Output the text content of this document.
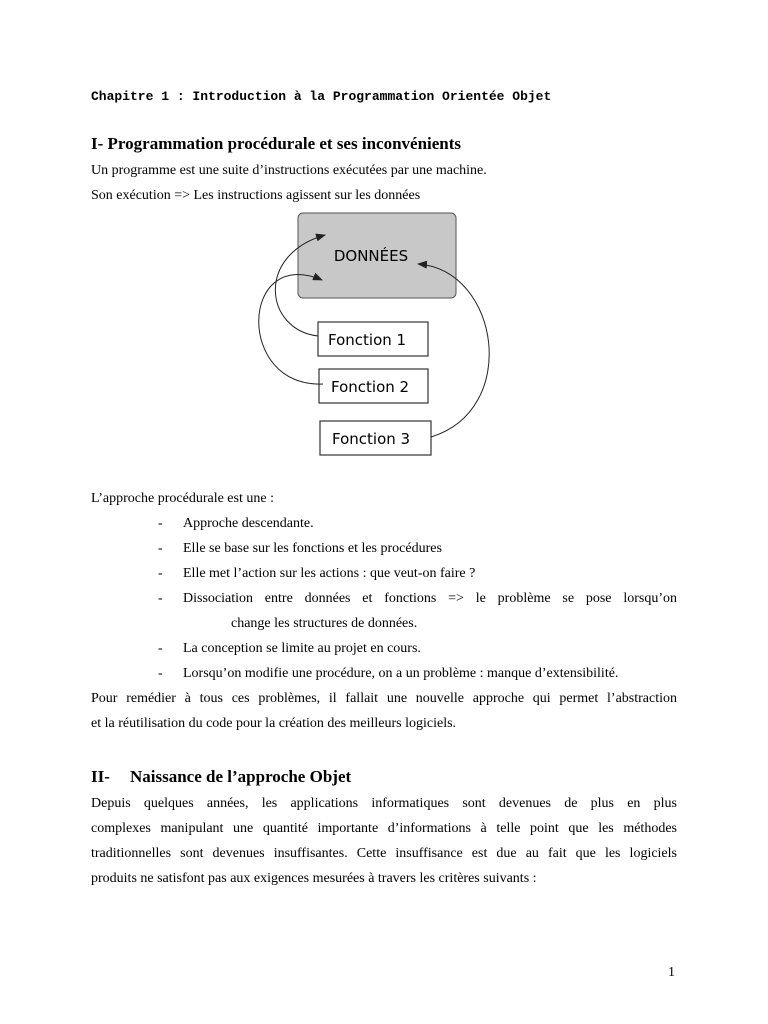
Chapitre 1 : Introduction à la Programmation Orientée Objet
I- Programmation procédurale et ses inconvénients
Un programme est une suite d’instructions exécutées par une machine.
Son exécution => Les instructions agissent sur les données
DONNÉES
Fonction 1
Fonction 2
Fonction 3
L’approche procédurale est une :
- Approche descendante.
- Elle se base sur les fonctions et les procédures
- Elle met l’action sur les actions : que veut-on faire ?
- Dissociation entre données et fonctions => le problème se pose lorsqu’on
change les structures de données.
- La conception se limite au projet en cours.
- Lorsqu’on modifie une procédure, on a un problème : manque d’extensibilité.
Pour remédier à tous ces problèmes, il fallait une nouvelle approche qui permet l’abstraction
et la réutilisation du code pour la création des meilleurs logiciels.
II- Naissance de l’approche Objet
Depuis quelques années, les applications informatiques sont devenues de plus en plus
complexes manipulant une quantité importante d’informations à telle point que les méthodes
traditionnelles sont devenues insuffisantes. Cette insuffisance est due au fait que les logiciels
produits ne satisfont pas aux exigences mesurées à travers les critères suivants :
1
